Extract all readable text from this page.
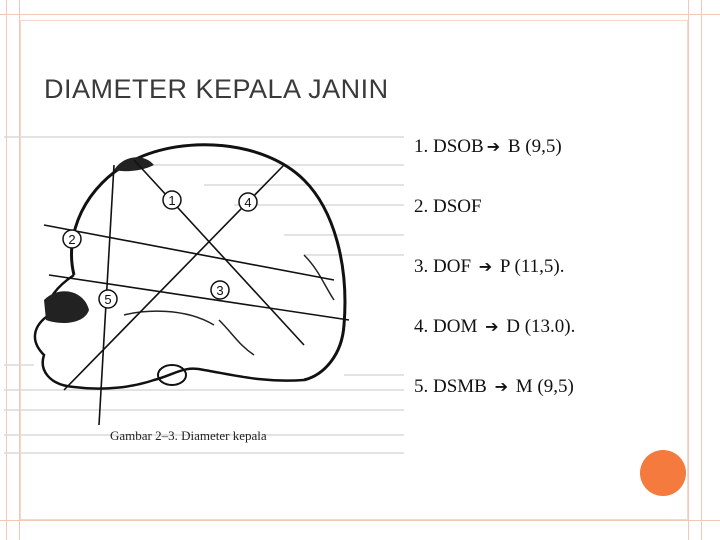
DIAMETER KEPALA JANIN
1
2
3
4
5
Gambar 2–3. Diameter kepala
1. DSOB ➔ B (9,5)
2. DSOF
3. DOF ➔ P (11,5).
4. DOM ➔ D (13.0).
5. DSMB ➔ M (9,5)
